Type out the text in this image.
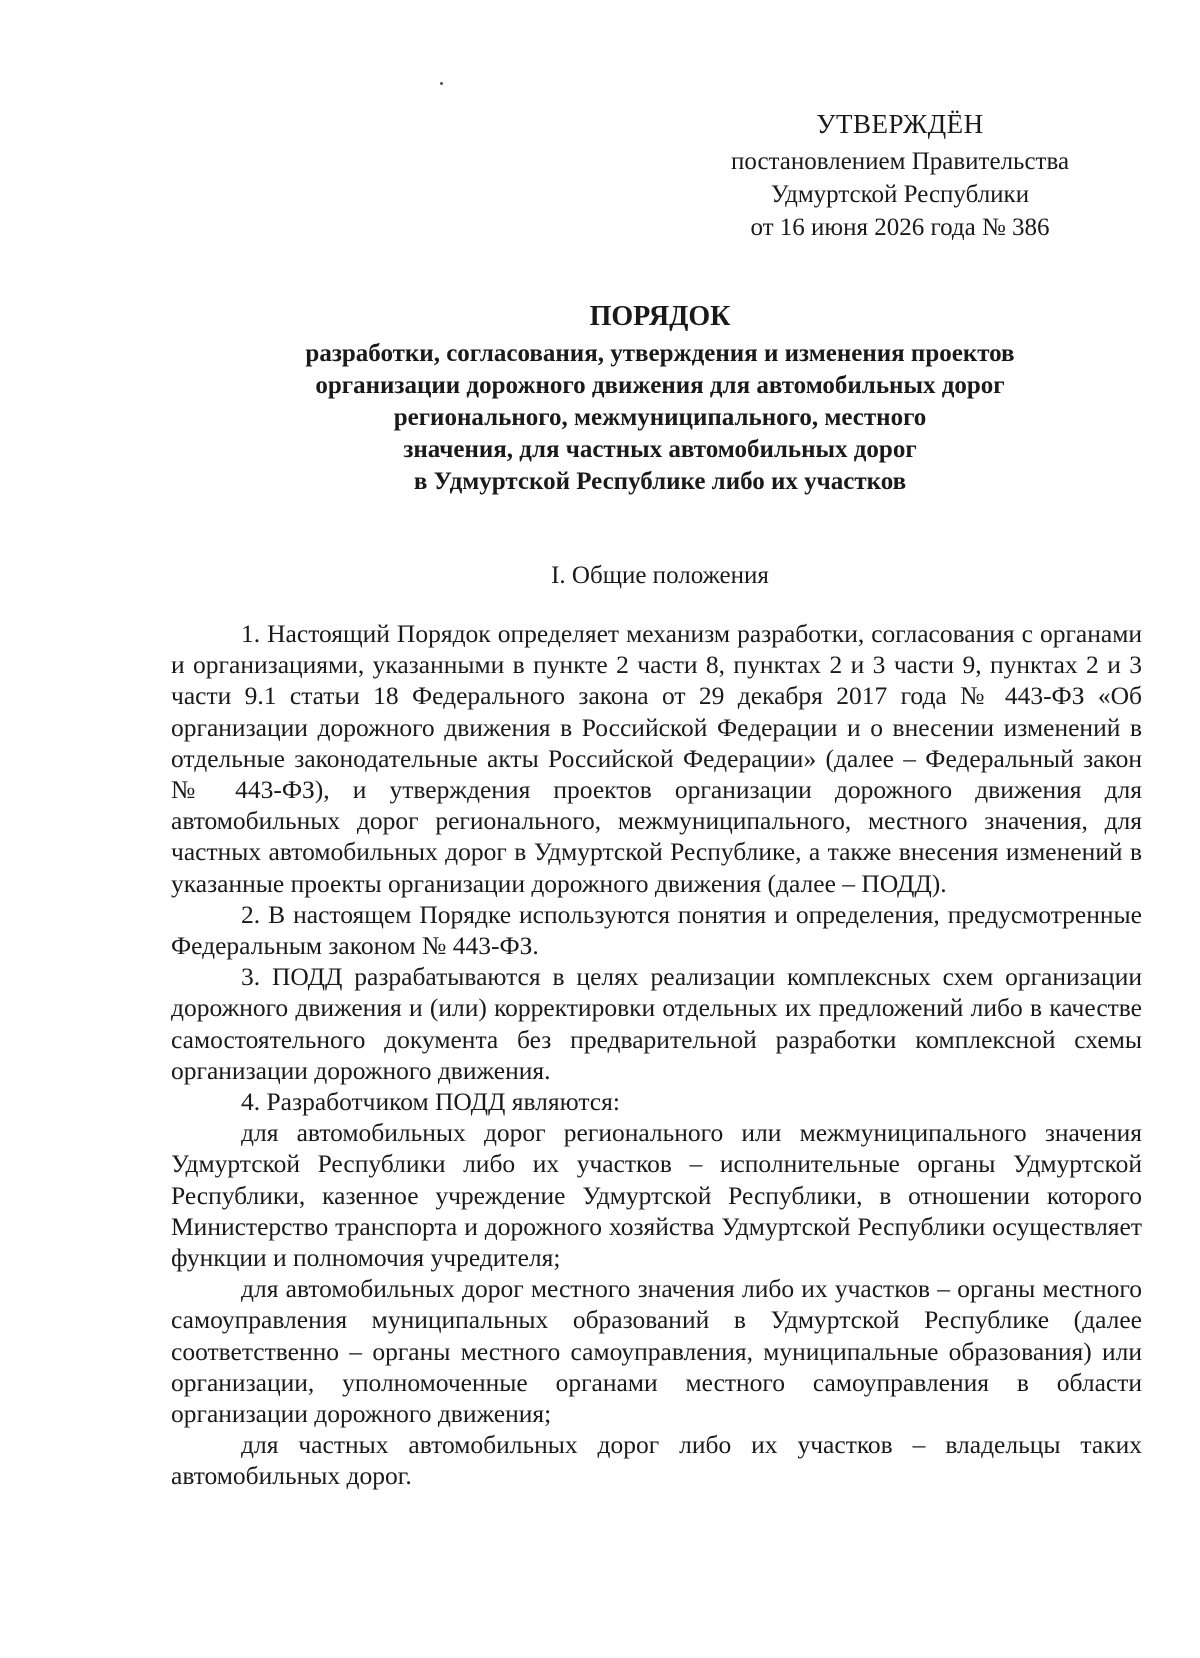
УТВЕРЖДЁН
постановлением Правительства
Удмуртской Республики
от 16 июня 2026 года № 386
ПОРЯДОК
разработки, согласования, утверждения и изменения проектов
организации дорожного движения для автомобильных дорог
регионального, межмуниципального, местного
значения, для частных автомобильных дорог
в Удмуртской Республике либо их участков
I. Общие положения

1. Настоящий Порядок определяет механизм разработки, согласования с органами и организациями, указанными в пункте 2 части 8, пунктах 2 и 3 части 9, пунктах 2 и 3 части 9.1 статьи 18 Федерального закона от 29 декабря 2017 года № 443-ФЗ «Об организации дорожного движения в Российской Федерации и о внесении изменений в отдельные законодательные акты Российской Федерации» (далее – Федеральный закон № 443-ФЗ), и утверждения проектов организации дорожного движения для автомобильных дорог регионального, межмуниципального, местного значения, для частных автомобильных дорог в Удмуртской Республике, а также внесения изменений в указанные проекты организации дорожного движения (далее – ПОДД).

2. В настоящем Порядке используются понятия и определения, предусмотренные Федеральным законом № 443-ФЗ.

3. ПОДД разрабатываются в целях реализации комплексных схем организации дорожного движения и (или) корректировки отдельных их предложений либо в качестве самостоятельного документа без предварительной разработки комплексной схемы организации дорожного движения.

4. Разработчиком ПОДД являются:

для автомобильных дорог регионального или межмуниципального значения Удмуртской Республики либо их участков – исполнительные органы Удмуртской Республики, казенное учреждение Удмуртской Республики, в отношении которого Министерство транспорта и дорожного хозяйства Удмуртской Республики осуществляет функции и полномочия учредителя;

для автомобильных дорог местного значения либо их участков – органы местного самоуправления муниципальных образований в Удмуртской Республике (далее соответственно – органы местного самоуправления, муниципальные образования) или организации, уполномоченные органами местного самоуправления в области организации дорожного движения;

для частных автомобильных дорог либо их участков – владельцы таких автомобильных дорог.
